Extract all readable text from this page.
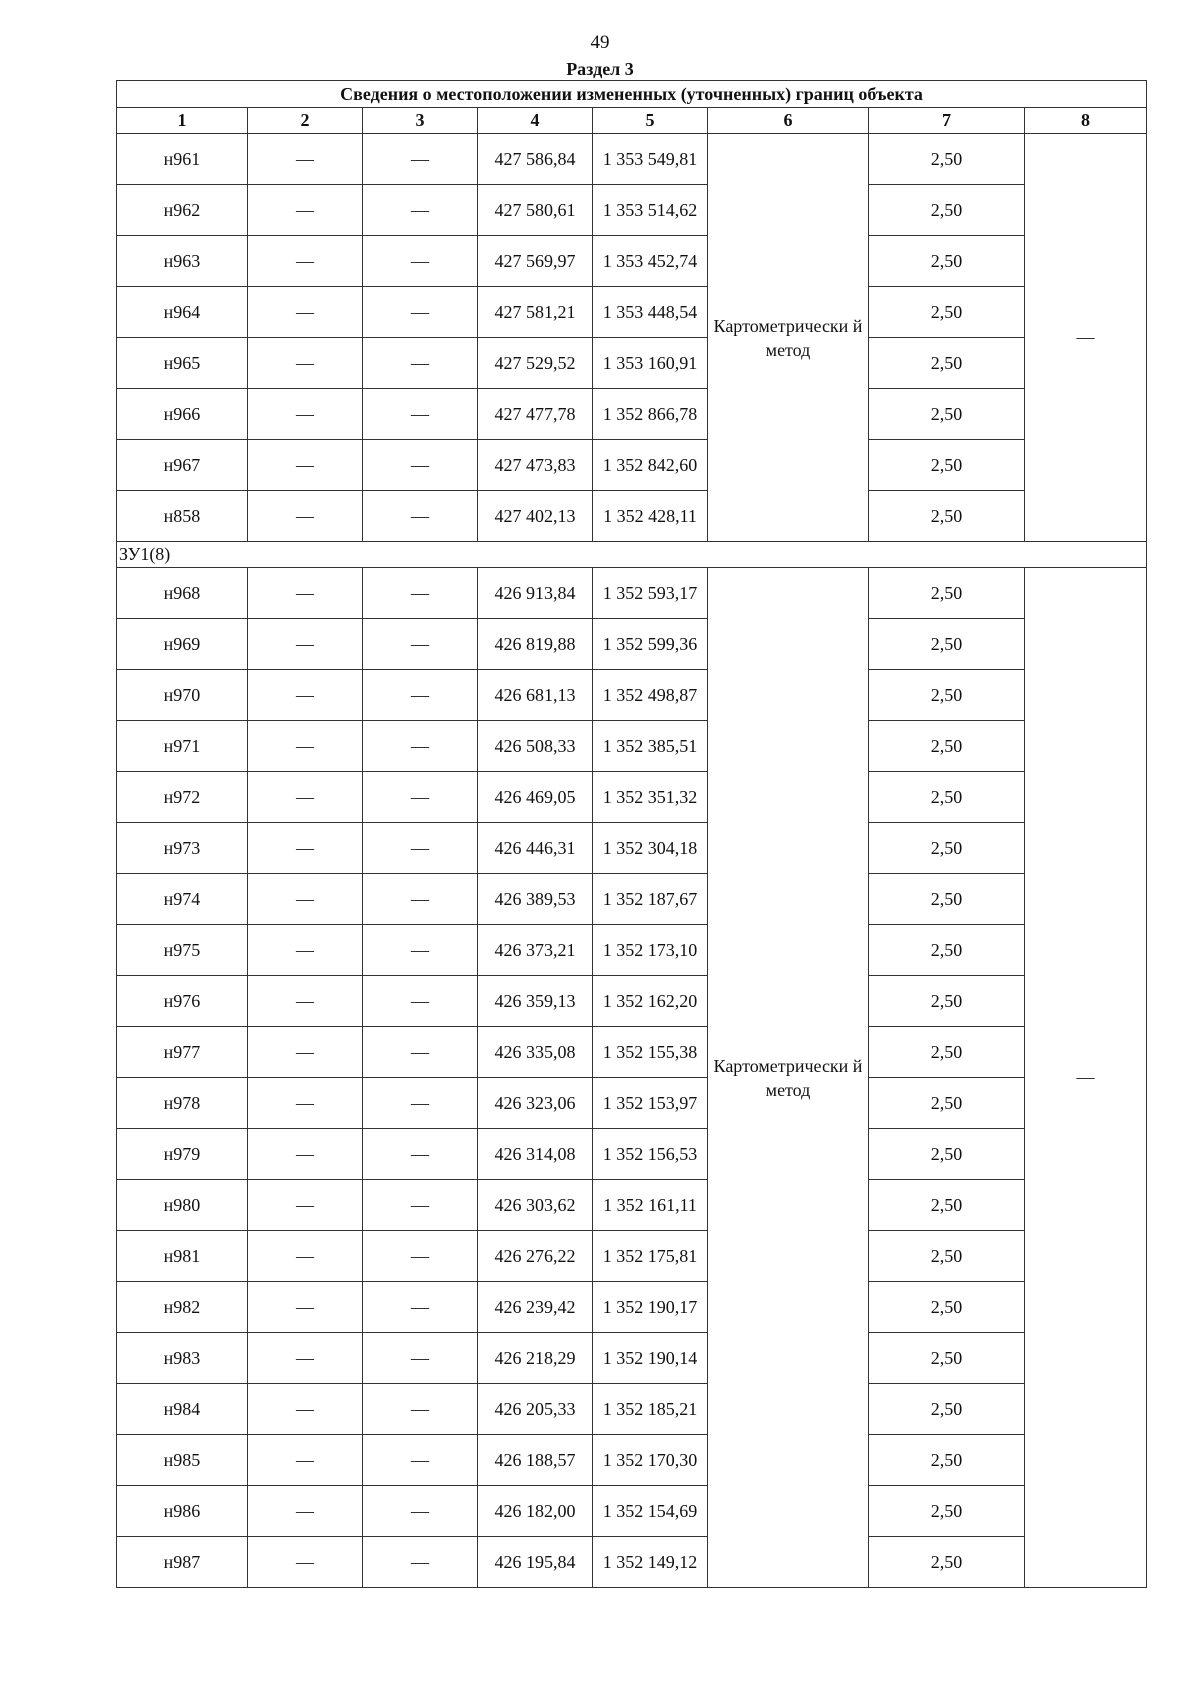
49
Раздел 3
Сведения о местоположении измененных (уточненных) границ объекта							
1	2	3	4	5	6	7	8
н961	—	—	427 586,84	1 353 549,81	Картометрически й метод	2,50	—
н962	—	—	427 580,61	1 353 514,62		2,50	
н963	—	—	427 569,97	1 353 452,74		2,50	
н964	—	—	427 581,21	1 353 448,54		2,50	
н965	—	—	427 529,52	1 353 160,91		2,50	
н966	—	—	427 477,78	1 352 866,78		2,50	
н967	—	—	427 473,83	1 352 842,60		2,50	
н858	—	—	427 402,13	1 352 428,11		2,50	
ЗУ1(8)							
н968	—	—	426 913,84	1 352 593,17	Картометрически й метод	2,50	—
н969	—	—	426 819,88	1 352 599,36		2,50	
н970	—	—	426 681,13	1 352 498,87		2,50	
н971	—	—	426 508,33	1 352 385,51		2,50	
н972	—	—	426 469,05	1 352 351,32		2,50	
н973	—	—	426 446,31	1 352 304,18		2,50	
н974	—	—	426 389,53	1 352 187,67		2,50	
н975	—	—	426 373,21	1 352 173,10		2,50	
н976	—	—	426 359,13	1 352 162,20		2,50	
н977	—	—	426 335,08	1 352 155,38		2,50	
н978	—	—	426 323,06	1 352 153,97		2,50	
н979	—	—	426 314,08	1 352 156,53		2,50	
н980	—	—	426 303,62	1 352 161,11		2,50	
н981	—	—	426 276,22	1 352 175,81		2,50	
н982	—	—	426 239,42	1 352 190,17		2,50	
н983	—	—	426 218,29	1 352 190,14		2,50	
н984	—	—	426 205,33	1 352 185,21		2,50	
н985	—	—	426 188,57	1 352 170,30		2,50	
н986	—	—	426 182,00	1 352 154,69		2,50	
н987	—	—	426 195,84	1 352 149,12		2,50	
